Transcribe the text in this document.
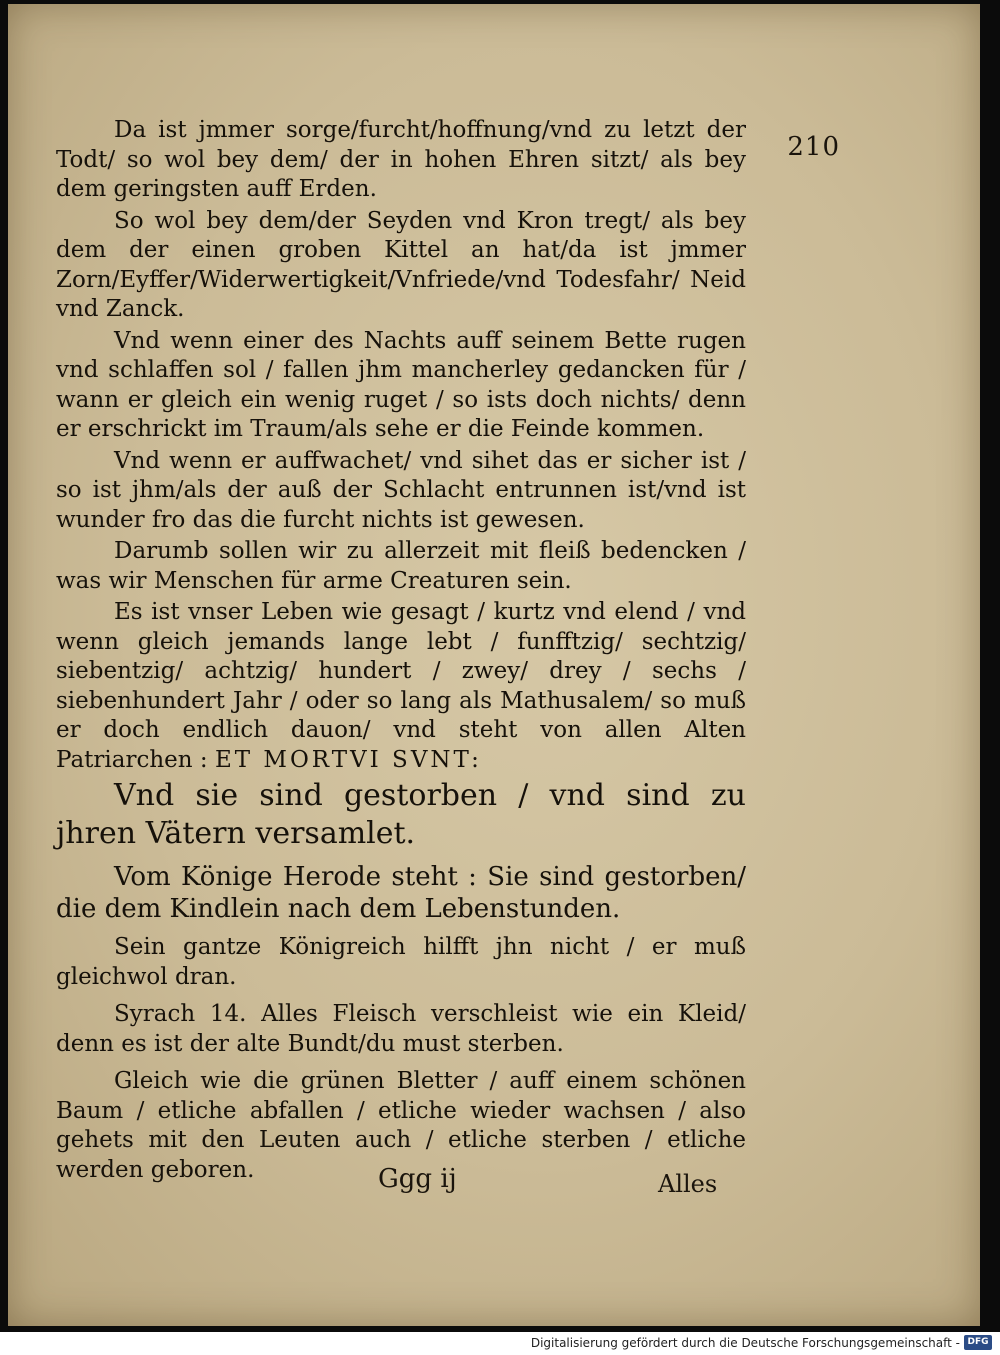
210

Da ist jmmer sorge/furcht/hoffnung/vnd zu letzt der Todt/ so wol bey dem/ der in hohen Ehren sitzt/ als bey dem geringsten auff Erden.

So wol bey dem/der Seyden vnd Kron tregt/ als bey dem der einen groben Kittel an hat/da ist jmmer Zorn/Eyffer/Widerwertigkeit/Vnfriede/vnd Todesfahr/ Neid vnd Zanck.

Vnd wenn einer des Nachts auff seinem Bette rugen vnd schlaffen sol / fallen jhm mancherley gedancken für / wann er gleich ein wenig ruget / so ists doch nichts/ denn er erschrickt im Traum/als sehe er die Feinde kommen.

Vnd wenn er auffwachet/ vnd sihet das er sicher ist / so ist jhm/als der auß der Schlacht entrunnen ist/vnd ist wunder fro das die furcht nichts ist gewesen.

Darumb sollen wir zu allerzeit mit fleiß bedencken / was wir Menschen für arme Creaturen sein.

Es ist vnser Leben wie gesagt / kurtz vnd elend / vnd wenn gleich jemands lange lebt / funfftzig/ sechtzig/ siebentzig/ achtzig/ hundert / zwey/ drey / sechs / siebenhundert Jahr / oder so lang als Mathusalem/ so muß er doch endlich dauon/ vnd steht von allen Alten Patriarchen : ET MORTVI SVNT:

Vnd sie sind gestorben / vnd sind zu jhren Vätern versamlet.

Vom Könige Herode steht : Sie sind gestorben/ die dem Kindlein nach dem Lebenstunden.

Sein gantze Königreich hilfft jhn nicht / er muß gleichwol dran.

Syrach 14. Alles Fleisch verschleist wie ein Kleid/ denn es ist der alte Bundt/du must sterben.

Gleich wie die grünen Bletter / auff einem schönen Baum / etliche abfallen / etliche wieder wachsen / also gehets mit den Leuten auch / etliche sterben / etliche werden geboren.	Ggg ij	Alles
Digitalisierung gefördert durch die Deutsche Forschungsgemeinschaft - DFG
